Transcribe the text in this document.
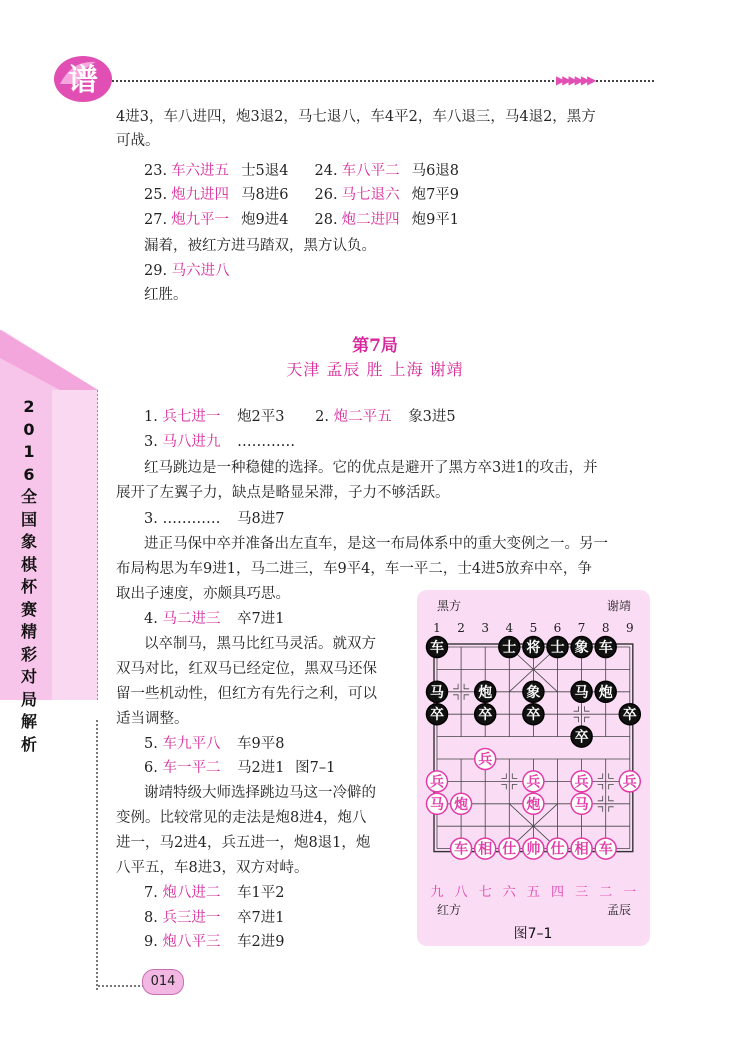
谱	▶▶▶▶▶▶
2
0
1
6
全
国
象
棋
杯
赛
精
彩
对
局
解
析
4进3，车八进四，炮3退2，马七退八，车4平2，车八退三，马4退2，黑方
可战。
23. 车六进五 士5退4 24. 车八平二 马6退8
25. 炮九进四 马8进6 26. 马七退六 炮7平9
27. 炮九平一 炮9进4 28. 炮二进四 炮9平1
漏着，被红方进马踏双，黑方认负。
29. 马六进八
红胜。
第7局
天津 孟辰 胜 上海 谢靖
1. 兵七进一 炮2平3 2. 炮二平五 象3进5
3. 马八进九 …………
红马跳边是一种稳健的选择。它的优点是避开了黑方卒3进1的攻击，并
展开了左翼子力，缺点是略显呆滞，子力不够活跃。
3. ………… 马8进7
进正马保中卒并准备出左直车，是这一布局体系中的重大变例之一。另一
布局构思为车9进1，马二进三，车9平4，车一平二，士4进5放弃中卒，争
取出子速度，亦颇具巧思。
4. 马二进三 卒7进1
以卒制马，黑马比红马灵活。就双方
双马对比，红双马已经定位，黑双马还保
留一些机动性，但红方有先行之利，可以
适当调整。
5. 车九平八 车9平8
6. 车一平二 马2进1 图7–1
谢靖特级大师选择跳边马这一冷僻的
变例。比较常见的走法是炮8进4，炮八
进一，马2进4，兵五进一，炮8退1，炮
八平五，车8进3，双方对峙。
7. 炮八进二 车1平2
8. 兵三进一 卒7进1
9. 炮八平三 车2进9
黑方	谢靖
红方	孟辰
图7–1
1 2 3 4 5 6 7 8 9
九 八 七 六 五 四 三 二 一
车	士 将 士 象 车
马 炮 象 马 炮
卒 卒 卒	卒
卒
兵
兵	兵 兵 兵
马 炮	炮 马
车 相 仕 帅 仕 相 车
014
